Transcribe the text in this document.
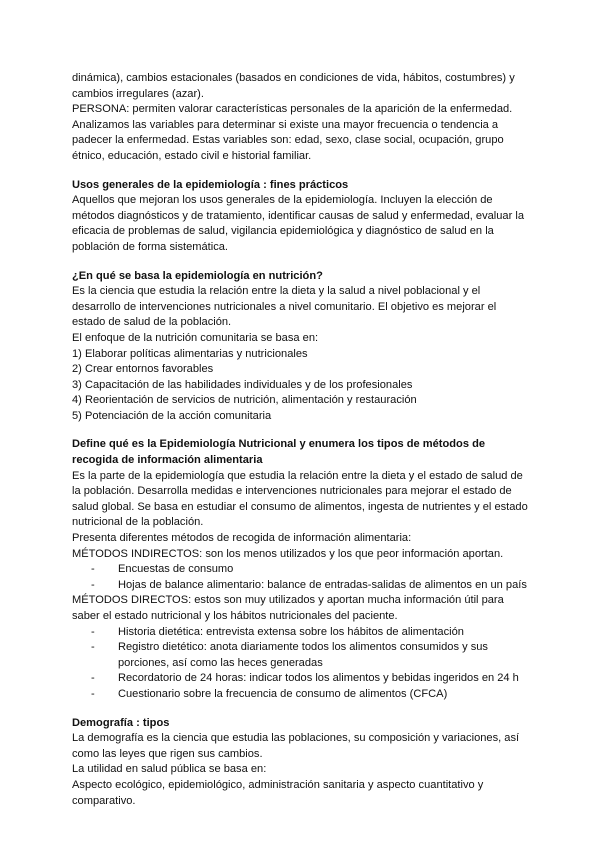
dinámica), cambios estacionales (basados en condiciones de vida, hábitos, costumbres) y cambios irregulares (azar).

PERSONA: permiten valorar características personales de la aparición de la enfermedad. Analizamos las variables para determinar si existe una mayor frecuencia o tendencia a padecer la enfermedad. Estas variables son: edad, sexo, clase social, ocupación, grupo étnico, educación, estado civil e historial familiar.

Usos generales de la epidemiología : fines prácticos

Aquellos que mejoran los usos generales de la epidemiología. Incluyen la elección de métodos diagnósticos y de tratamiento, identificar causas de salud y enfermedad, evaluar la eficacia de problemas de salud, vigilancia epidemiológica y diagnóstico de salud en la población de forma sistemática.

¿En qué se basa la epidemiología en nutrición?

Es la ciencia que estudia la relación entre la dieta y la salud a nivel poblacional y el desarrollo de intervenciones nutricionales a nivel comunitario. El objetivo es mejorar el estado de salud de la población.

El enfoque de la nutrición comunitaria se basa en:

1) Elaborar políticas alimentarias y nutricionales

2) Crear entornos favorables

3) Capacitación de las habilidades individuales y de los profesionales

4) Reorientación de servicios de nutrición, alimentación y restauración

5) Potenciación de la acción comunitaria

Define qué es la Epidemiología Nutricional y enumera los tipos de métodos de recogida de información alimentaria

Es la parte de la epidemiología que estudia la relación entre la dieta y el estado de salud de la población. Desarrolla medidas e intervenciones nutricionales para mejorar el estado de salud global. Se basa en estudiar el consumo de alimentos, ingesta de nutrientes y el estado nutricional de la población.

Presenta diferentes métodos de recogida de información alimentaria:

MÉTODOS INDIRECTOS: son los menos utilizados y los que peor información aportan.

- Encuestas de consumo
- Hojas de balance alimentario: balance de entradas-salidas de alimentos en un país

MÉTODOS DIRECTOS: estos son muy utilizados y aportan mucha información útil para saber el estado nutricional y los hábitos nutricionales del paciente.

- Historia dietética: entrevista extensa sobre los hábitos de alimentación
- Registro dietético: anota diariamente todos los alimentos consumidos y sus porciones, así como las heces generadas
- Recordatorio de 24 horas: indicar todos los alimentos y bebidas ingeridos en 24 h
- Cuestionario sobre la frecuencia de consumo de alimentos (CFCA)
Demografía : tipos

La demografía es la ciencia que estudia las poblaciones, su composición y variaciones, así como las leyes que rigen sus cambios.

La utilidad en salud pública se basa en:

Aspecto ecológico, epidemiológico, administración sanitaria y aspecto cuantitativo y comparativo.
